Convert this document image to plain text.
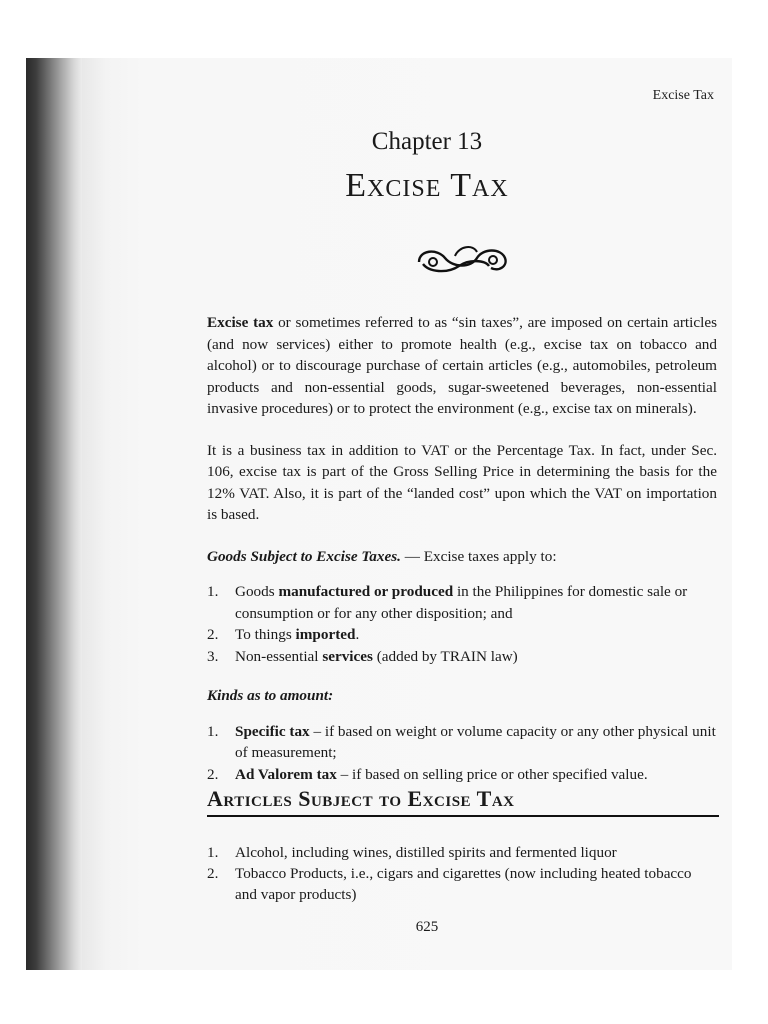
Excise Tax
Chapter 13
Excise Tax

Excise tax or sometimes referred to as “sin taxes”, are imposed on certain articles (and now services) either to promote health (e.g., excise tax on tobacco and alcohol) or to discourage purchase of certain articles (e.g., automobiles, petroleum products and non-essential goods, sugar-sweetened beverages, non-essential invasive procedures) or to protect the environment (e.g., excise tax on minerals).

It is a business tax in addition to VAT or the Percentage Tax. In fact, under Sec. 106, excise tax is part of the Gross Selling Price in determining the basis for the 12% VAT. Also, it is part of the “landed cost” upon which the VAT on importation is based.

Goods Subject to Excise Taxes. — Excise taxes apply to:

1. Goods manufactured or produced in the Philippines for domestic sale or consumption or for any other disposition; and
2. To things imported.
3. Non-essential services (added by TRAIN law)

Kinds as to amount:

1. Specific tax – if based on weight or volume capacity or any other physical unit of measurement;
2. Ad Valorem tax – if based on selling price or other specified value.
Articles Subject to Excise Tax
1. Alcohol, including wines, distilled spirits and fermented liquor
2. Tobacco Products, i.e., cigars and cigarettes (now including heated tobacco and vapor products)
625
